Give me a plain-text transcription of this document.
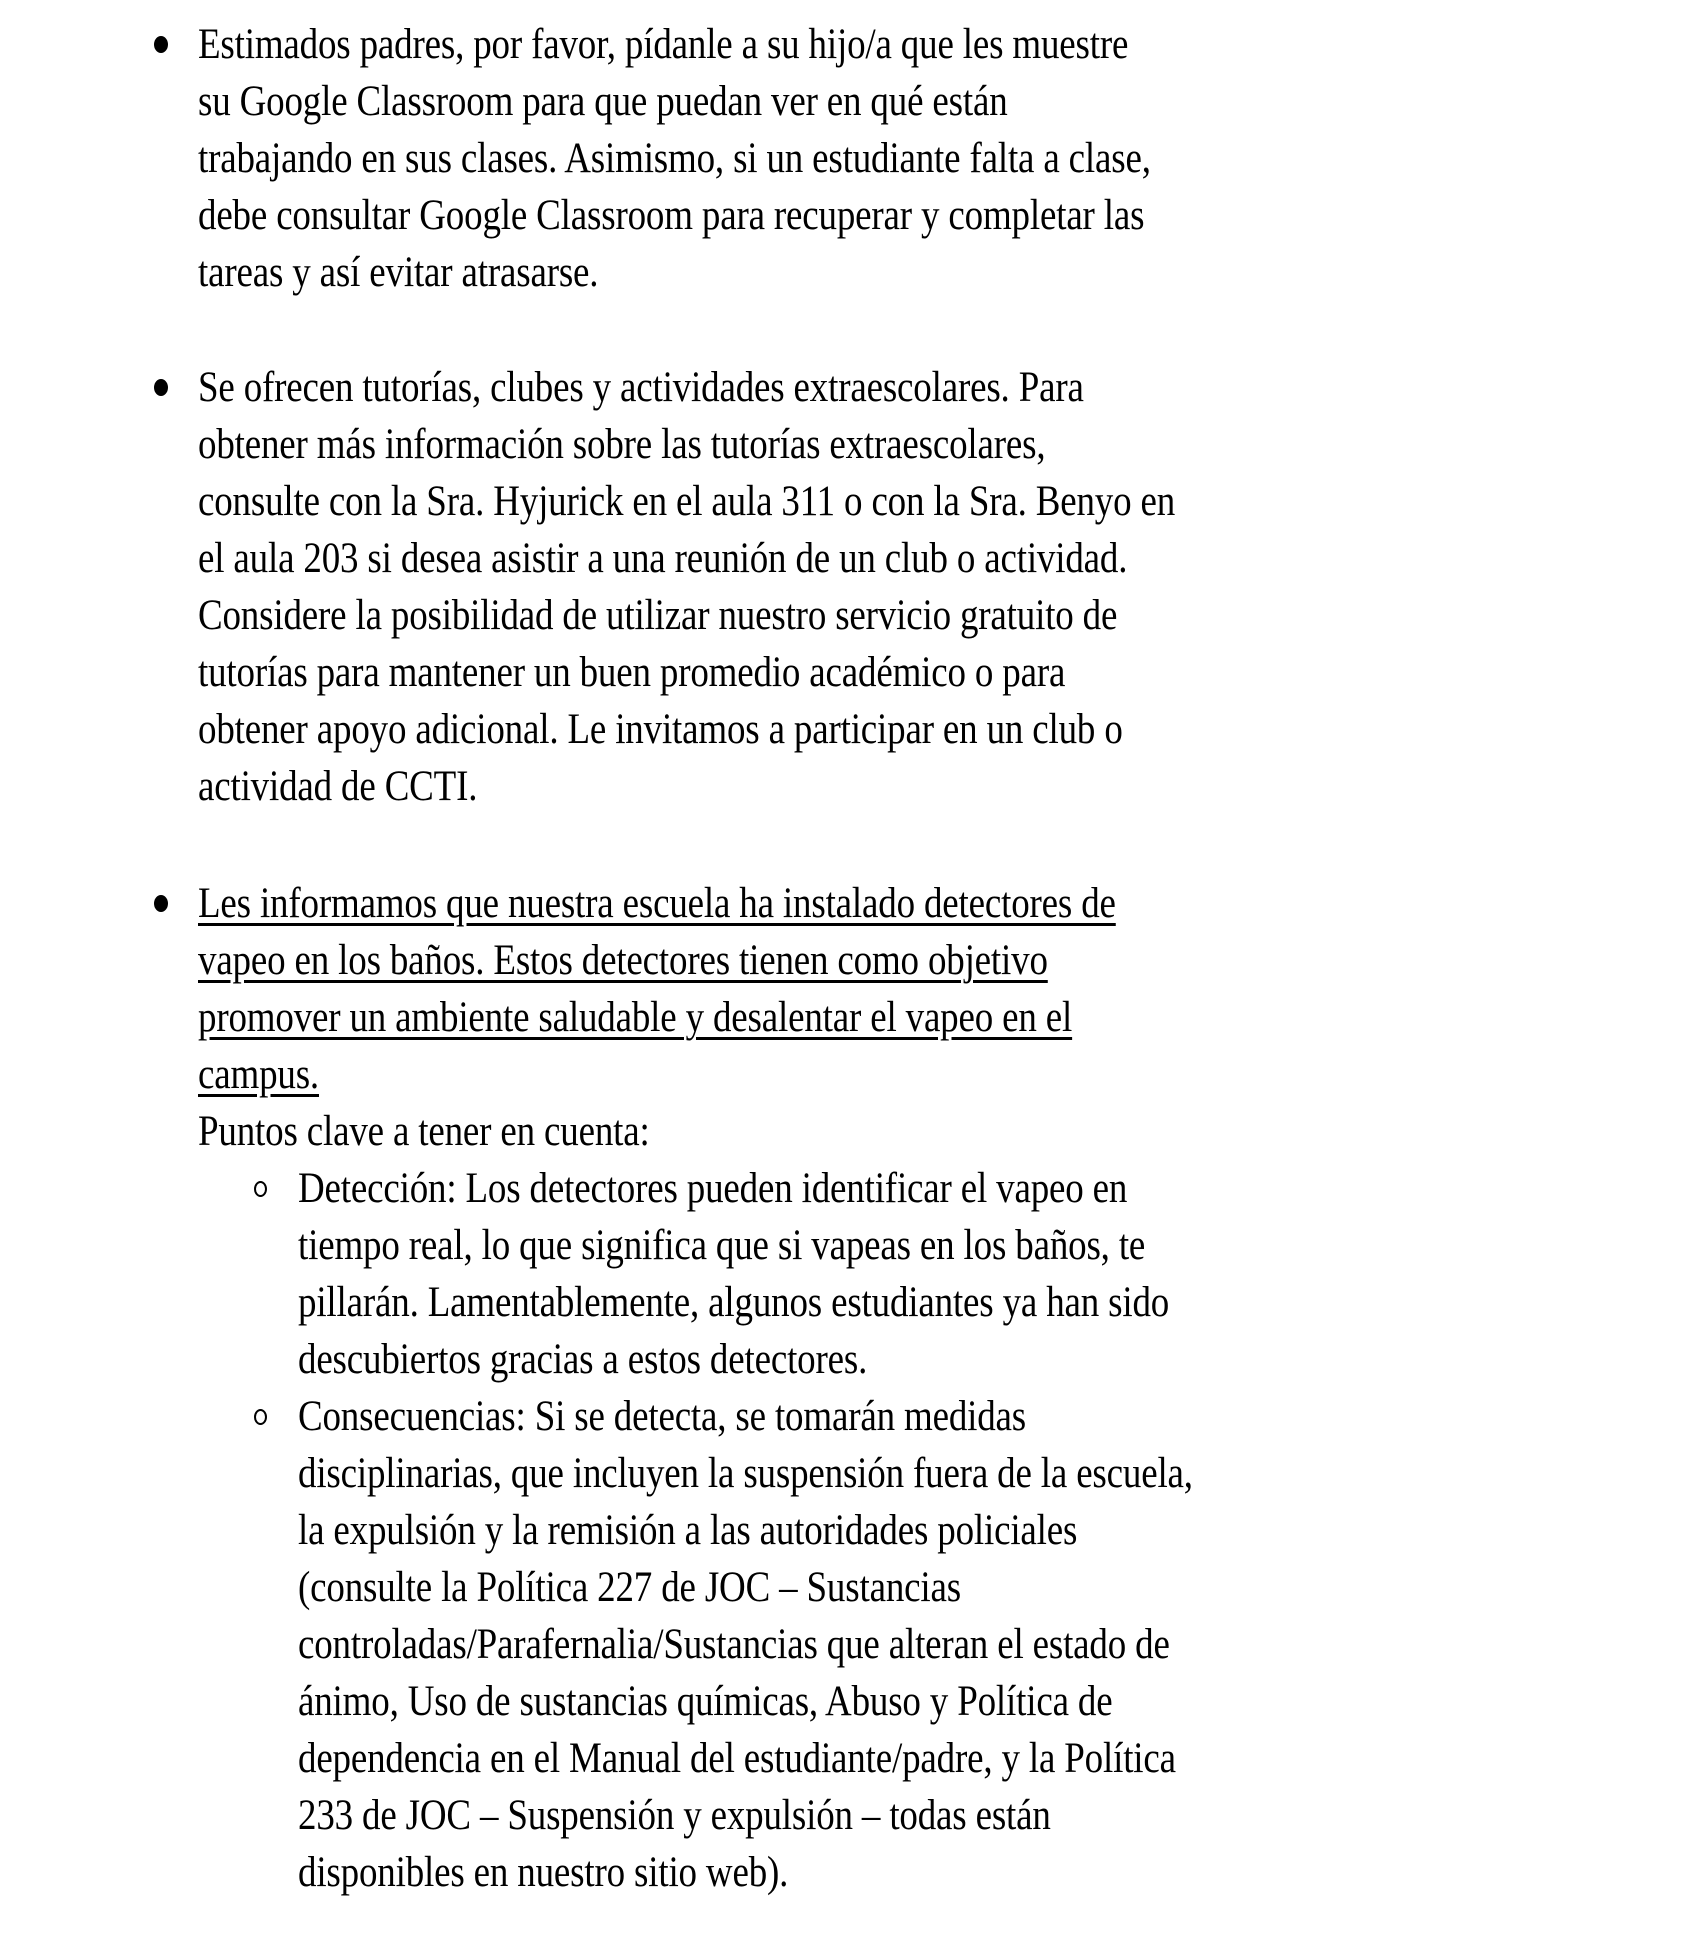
Estimados padres, por favor, pídanle a su hijo/a que les muestre
su Google Classroom para que puedan ver en qué están
trabajando en sus clases. Asimismo, si un estudiante falta a clase,
debe consultar Google Classroom para recuperar y completar las
tareas y así evitar atrasarse.
Se ofrecen tutorías, clubes y actividades extraescolares. Para
obtener más información sobre las tutorías extraescolares,
consulte con la Sra. Hyjurick en el aula 311 o con la Sra. Benyo en
el aula 203 si desea asistir a una reunión de un club o actividad.
Considere la posibilidad de utilizar nuestro servicio gratuito de
tutorías para mantener un buen promedio académico o para
obtener apoyo adicional. Le invitamos a participar en un club o
actividad de CCTI.
Les informamos que nuestra escuela ha instalado detectores de
vapeo en los baños. Estos detectores tienen como objetivo
promover un ambiente saludable y desalentar el vapeo en el
campus.
Puntos clave a tener en cuenta:
Detección: Los detectores pueden identificar el vapeo en
tiempo real, lo que significa que si vapeas en los baños, te
pillarán. Lamentablemente, algunos estudiantes ya han sido
descubiertos gracias a estos detectores.
Consecuencias: Si se detecta, se tomarán medidas
disciplinarias, que incluyen la suspensión fuera de la escuela,
la expulsión y la remisión a las autoridades policiales
(consulte la Política 227 de JOC – Sustancias
controladas/Parafernalia/Sustancias que alteran el estado de
ánimo, Uso de sustancias químicas, Abuso y Política de
dependencia en el Manual del estudiante/padre, y la Política
233 de JOC – Suspensión y expulsión – todas están
disponibles en nuestro sitio web).
